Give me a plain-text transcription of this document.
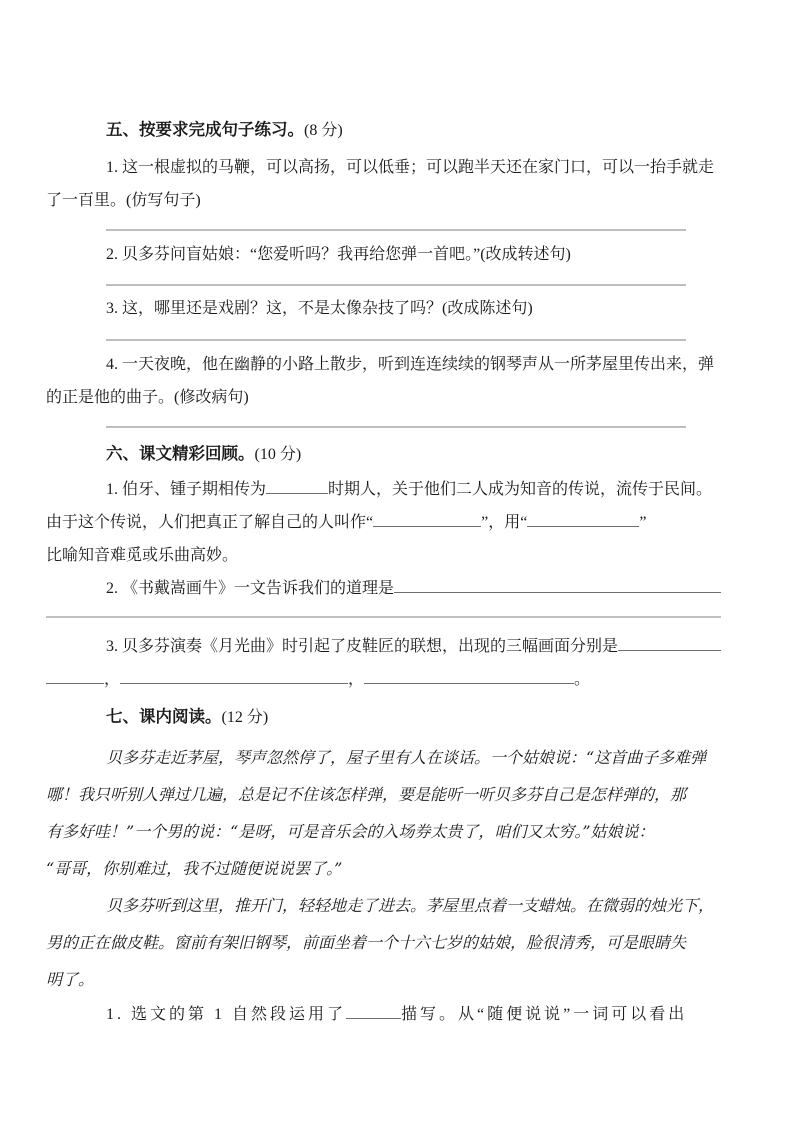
五、按要求完成句子练习。(8 分)
1. 这一根虚拟的马鞭，可以高扬，可以低垂；可以跑半天还在家门口，可以一抬手就走
了一百里。(仿写句子)
2. 贝多芬问盲姑娘：“您爱听吗？我再给您弹一首吧。”(改成转述句)
3. 这，哪里还是戏剧？这，不是太像杂技了吗？(改成陈述句)
4. 一天夜晚，他在幽静的小路上散步，听到连连续续的钢琴声从一所茅屋里传出来，弹
的正是他的曲子。(修改病句)
六、课文精彩回顾。(10 分)
1. 伯牙、锺子期相传为	时期人，关于他们二人成为知音的传说，流传于民间。
由于这个传说，人们把真正了解自己的人叫作“	”，用“	”
比喻知音难觅或乐曲高妙。
2. 《书戴嵩画牛》一文告诉我们的道理是
3. 贝多芬演奏《月光曲》时引起了皮鞋匠的联想，出现的三幅画面分别是
，	，	。
七、课内阅读。(12 分)
贝多芬走近茅屋，琴声忽然停了，屋子里有人在谈话。一个姑娘说：“这首曲子多难弹
哪！我只听别人弹过几遍，总是记不住该怎样弹，要是能听一听贝多芬自己是怎样弹的，那
有多好哇！”一个男的说：“是呀，可是音乐会的入场券太贵了，咱们又太穷。”姑娘说：
“哥哥，你别难过，我不过随便说说罢了。”
贝多芬听到这里，推开门，轻轻地走了进去。茅屋里点着一支蜡烛。在微弱的烛光下，
男的正在做皮鞋。窗前有架旧钢琴，前面坐着一个十六七岁的姑娘，脸很清秀，可是眼睛失
明了。
1. 选文的第 1 自然段运用了	描写。从“随便说说”一词可以看出
